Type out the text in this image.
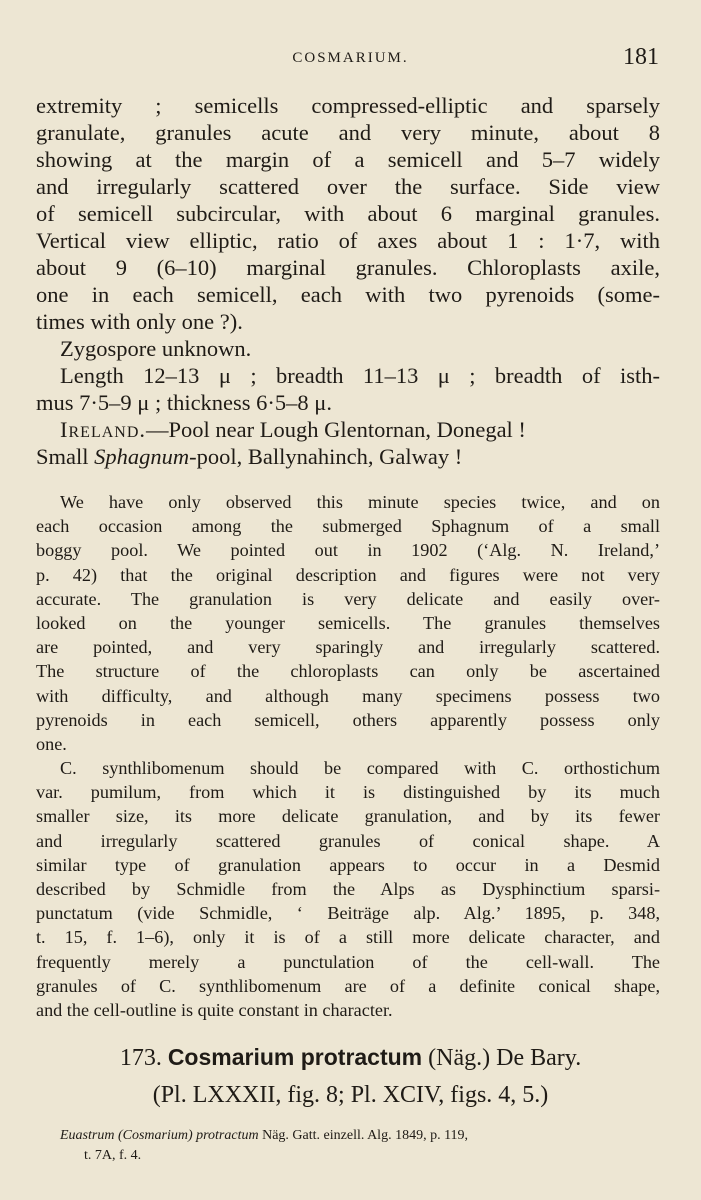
COSMARIUM.	181
extremity ; semicells compressed-elliptic and sparsely
granulate, granules acute and very minute, about 8
showing at the margin of a semicell and 5–7 widely
and irregularly scattered over the surface. Side view
of semicell subcircular, with about 6 marginal granules.
Vertical view elliptic, ratio of axes about 1 : 1·7, with
about 9 (6–10) marginal granules. Chloroplasts axile,
one in each semicell, each with two pyrenoids (some-
times with only one ?).
Zygospore unknown.
Length 12–13 μ ; breadth 11–13 μ ; breadth of isth-
mus 7·5–9 μ ; thickness 6·5–8 μ.
Ireland.—Pool near Lough Glentornan, Donegal !
Small Sphagnum-pool, Ballynahinch, Galway !
We have only observed this minute species twice, and on
each occasion among the submerged Sphagnum of a small
boggy pool. We pointed out in 1902 (‘Alg. N. Ireland,’
p. 42) that the original description and figures were not very
accurate. The granulation is very delicate and easily over-
looked on the younger semicells. The granules themselves
are pointed, and very sparingly and irregularly scattered.
The structure of the chloroplasts can only be ascertained
with difficulty, and although many specimens possess two
pyrenoids in each semicell, others apparently possess only
one.
C. synthlibomenum should be compared with C. orthostichum
var. pumilum, from which it is distinguished by its much
smaller size, its more delicate granulation, and by its fewer
and irregularly scattered granules of conical shape. A
similar type of granulation appears to occur in a Desmid
described by Schmidle from the Alps as Dysphinctium sparsi-
punctatum (vide Schmidle, ‘ Beiträge alp. Alg.’ 1895, p. 348,
t. 15, f. 1–6), only it is of a still more delicate character, and
frequently merely a punctulation of the cell-wall. The
granules of C. synthlibomenum are of a definite conical shape,
and the cell-outline is quite constant in character.
173. Cosmarium protractum (Näg.) De Bary.
(Pl. LXXXII, fig. 8; Pl. XCIV, figs. 4, 5.)
Euastrum (Cosmarium) protractum Näg. Gatt. einzell. Alg. 1849, p. 119,
t. 7A, f. 4.
